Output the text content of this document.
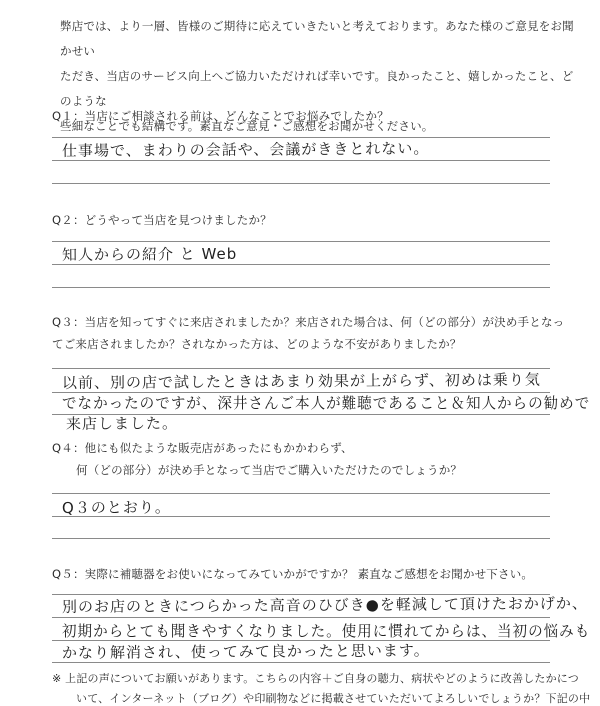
弊店では、より一層、皆様のご期待に応えていきたいと考えております。あなた様のご意見をお聞かせい
ただき、当店のサービス向上へご協力いただければ幸いです。良かったこと、嬉しかったこと、どのような
些細なことでも結構です。素直なご意見・ご感想をお聞かせください。
Q１：当店にご相談される前は、どんなことでお悩みでしたか？
仕事場で、まわりの会話や、会議がききとれない。
Q２：どうやって当店を見つけましたか？
知人からの紹介 と Web
Q３：当店を知ってすぐに来店されましたか？来店された場合は、何（どの部分）が決め手となっ
てご来店されましたか？されなかった方は、どのような不安がありましたか？
以前、別の店で試したときはあまり効果が上がらず、初めは乗り気
でなかったのですが、深井さんご本人が難聴であること＆知人からの勧めで
来店しました。
Q４：他にも似たような販売店があったにもかかわらず、
何（どの部分）が決め手となって当店でご購入いただけたのでしょうか？
Q３のとおり。
Q５：実際に補聴器をお使いになってみていかがですか？ 素直なご感想をお聞かせ下さい。
別のお店のときにつらかった高音のひびき●を軽減して頂けたおかげか、
初期からとても聞きやすくなりました。使用に慣れてからは、当初の悩みも
かなり解消され、使ってみて良かったと思います。
※ 上記の声についてお願いがあります。こちらの内容＋ご自身の聴力、病状やどのように改善したかにつ
いて、インターネット（ブログ）や印刷物などに掲載させていただいてよろしいでしょうか？下記の中
